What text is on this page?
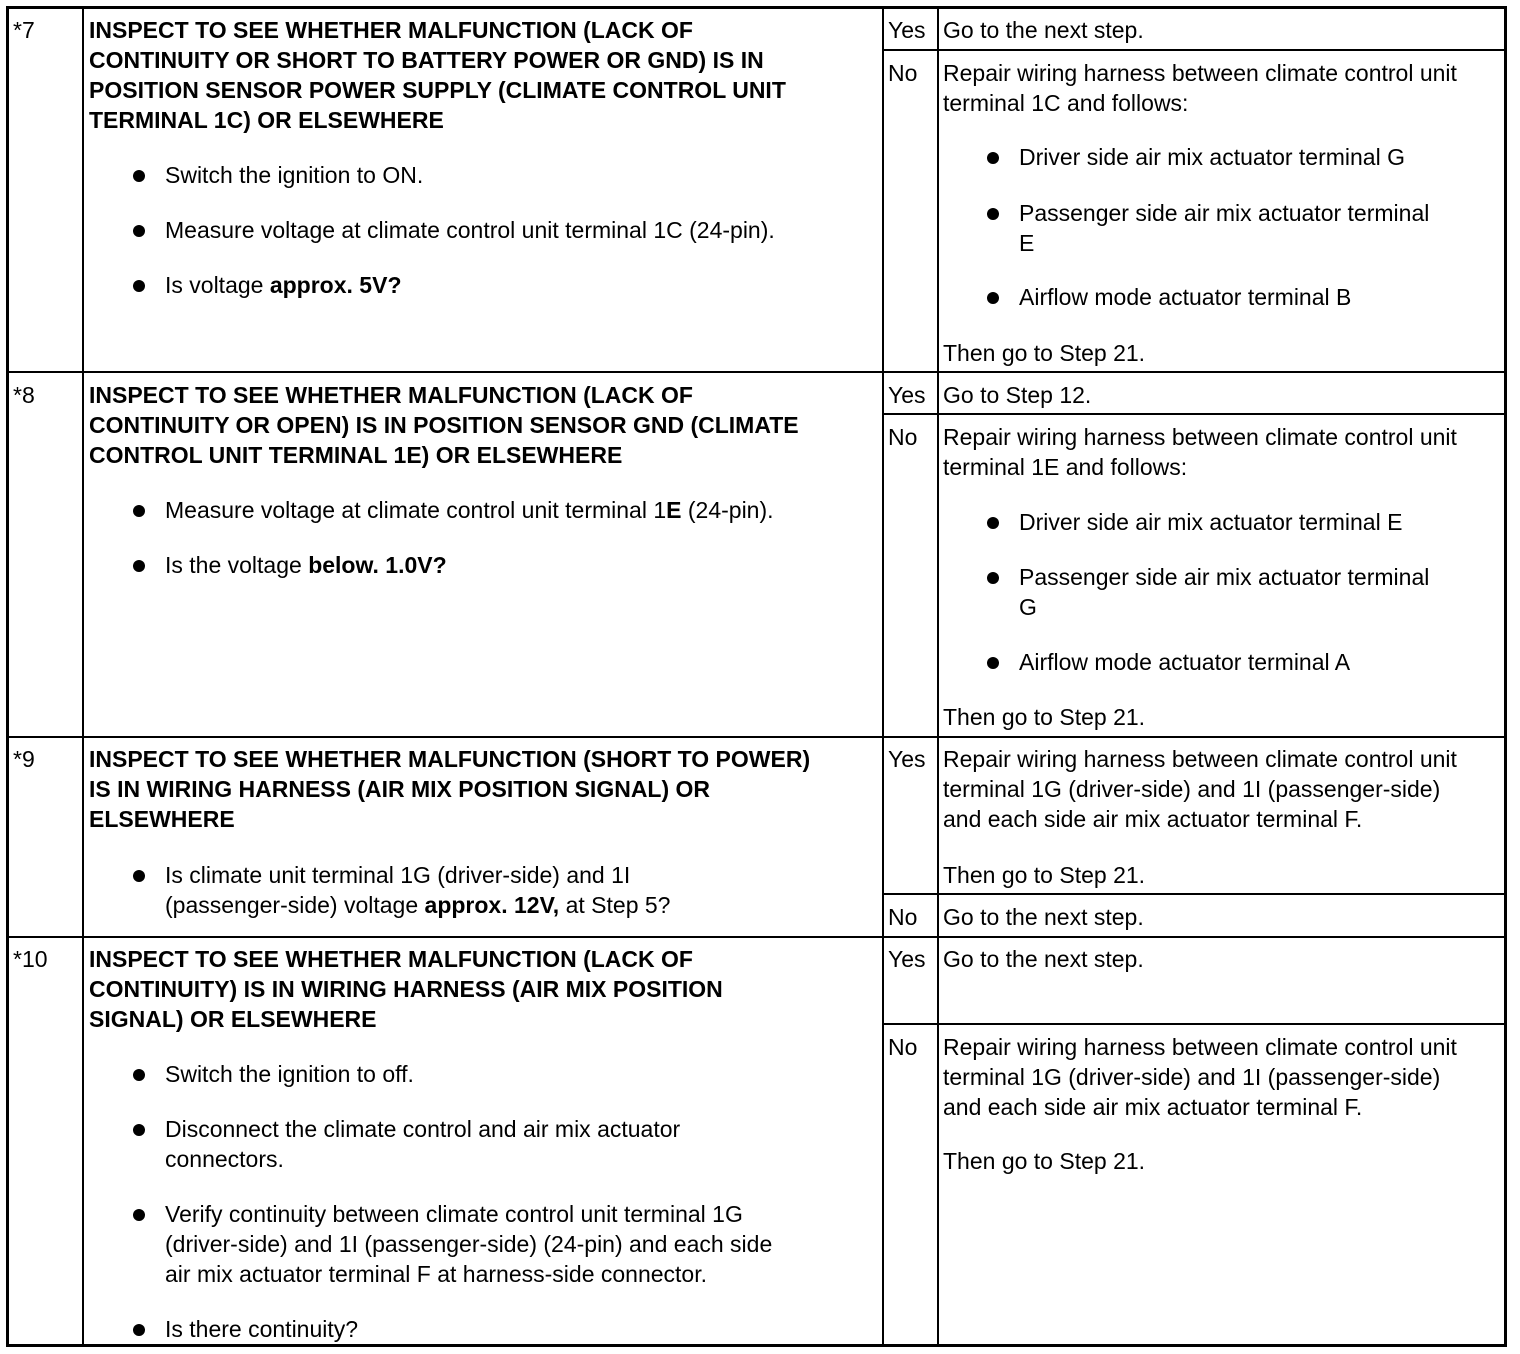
*7 INSPECT TO SEE WHETHER MALFUNCTION (LACK OF
CONTINUITY OR SHORT TO BATTERY POWER OR GND) IS IN
POSITION SENSOR POWER SUPPLY (CLIMATE CONTROL UNIT
TERMINAL 1C) OR ELSEWHERE
Switch the ignition to ON.
Measure voltage at climate control unit terminal 1C (24-pin).
Is voltage approx. 5V?
Yes Go to the next step.
No Repair wiring harness between climate control unit
terminal 1C and follows:
Driver side air mix actuator terminal G
Passenger side air mix actuator terminal
E
Airflow mode actuator terminal B
Then go to Step 21.
*8 INSPECT TO SEE WHETHER MALFUNCTION (LACK OF
CONTINUITY OR OPEN) IS IN POSITION SENSOR GND (CLIMATE
CONTROL UNIT TERMINAL 1E) OR ELSEWHERE
Measure voltage at climate control unit terminal 1E (24-pin).
Is the voltage below. 1.0V?
Yes Go to Step 12.
No Repair wiring harness between climate control unit
terminal 1E and follows:
Driver side air mix actuator terminal E
Passenger side air mix actuator terminal
G
Airflow mode actuator terminal A
Then go to Step 21.
*9 INSPECT TO SEE WHETHER MALFUNCTION (SHORT TO POWER)
IS IN WIRING HARNESS (AIR MIX POSITION SIGNAL) OR
ELSEWHERE
Is climate unit terminal 1G (driver-side) and 1I
(passenger-side) voltage approx. 12V, at Step 5?
Yes Repair wiring harness between climate control unit
terminal 1G (driver-side) and 1I (passenger-side)
and each side air mix actuator terminal F.
Then go to Step 21.
No Go to the next step.
*10 INSPECT TO SEE WHETHER MALFUNCTION (LACK OF
CONTINUITY) IS IN WIRING HARNESS (AIR MIX POSITION
SIGNAL) OR ELSEWHERE
Switch the ignition to off.
Disconnect the climate control and air mix actuator
connectors.
Verify continuity between climate control unit terminal 1G
(driver-side) and 1I (passenger-side) (24-pin) and each side
air mix actuator terminal F at harness-side connector.
Is there continuity?
Yes Go to the next step.
No Repair wiring harness between climate control unit
terminal 1G (driver-side) and 1I (passenger-side)
and each side air mix actuator terminal F.
Then go to Step 21.
